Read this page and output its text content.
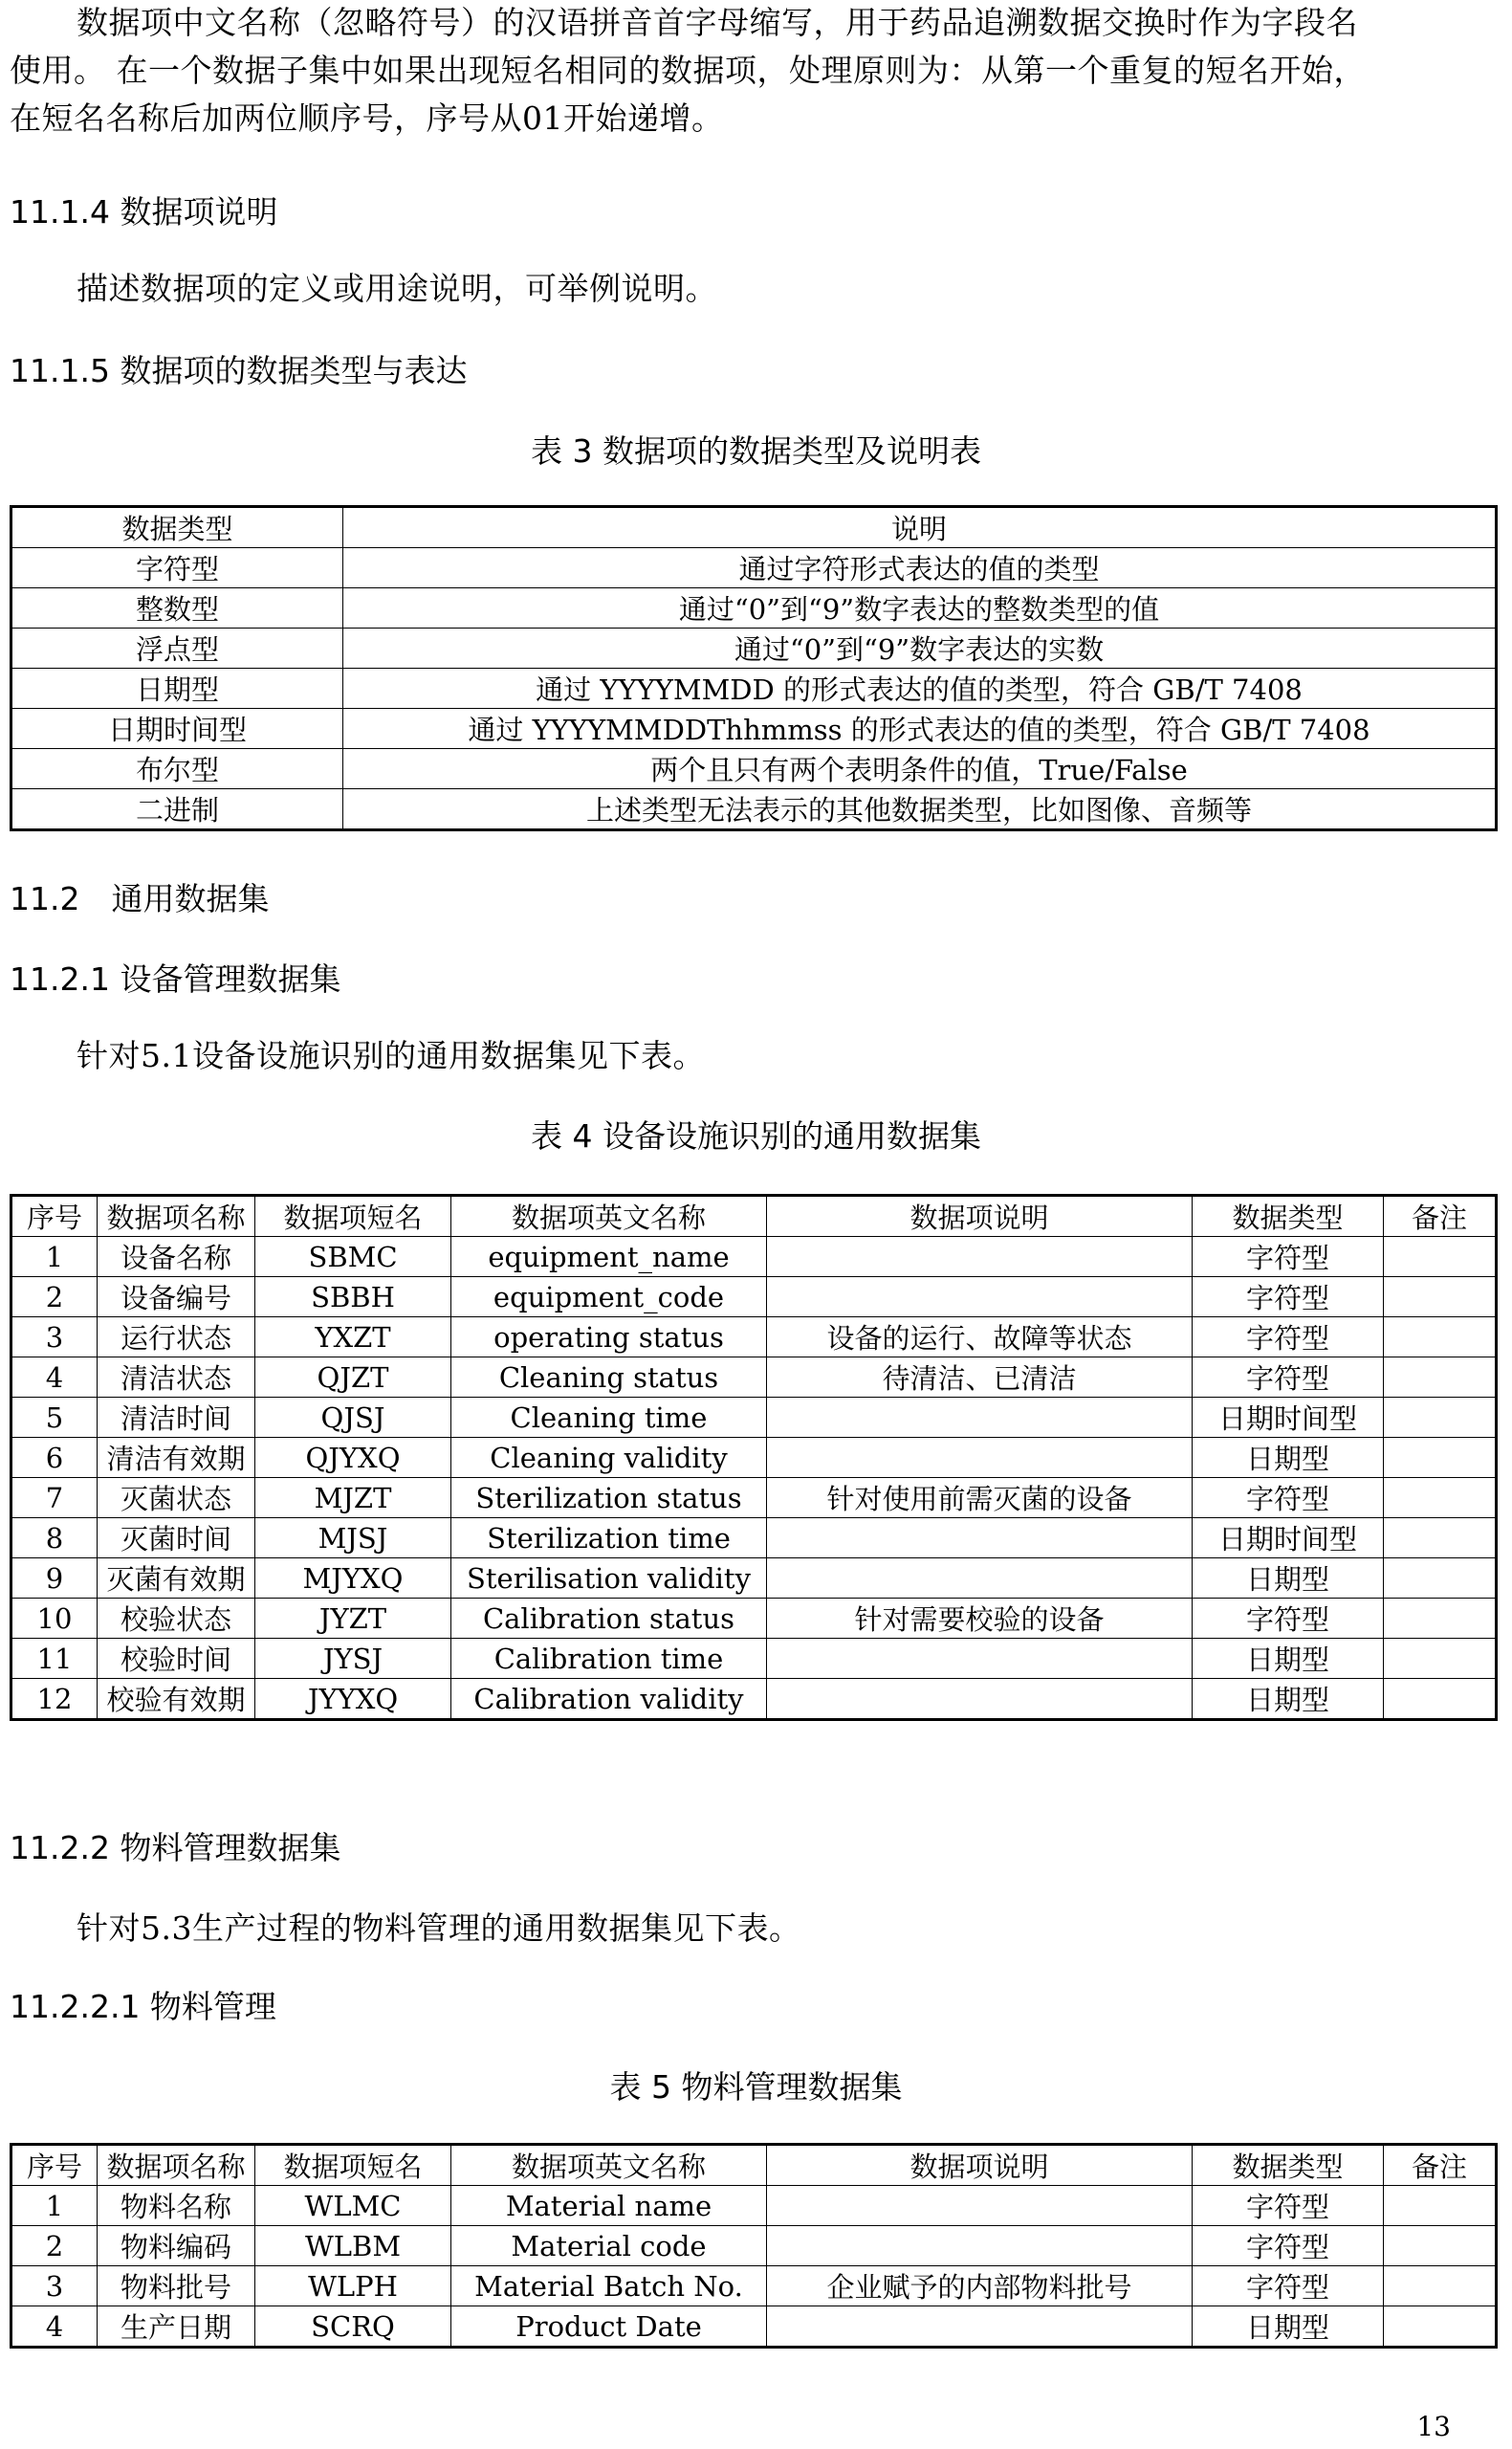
数据项中文名称（忽略符号）的汉语拼音首字母缩写，用于药品追溯数据交换时作为字段名
使用。 在一个数据子集中如果出现短名相同的数据项，处理原则为：从第一个重复的短名开始，
在短名名称后加两位顺序号，序号从01开始递增。
11.1.4 数据项说明
描述数据项的定义或用途说明，可举例说明。
11.1.5 数据项的数据类型与表达
表 3 数据项的数据类型及说明表
数据类型	说明
字符型	通过字符形式表达的值的类型
整数型	通过“0”到“9”数字表达的整数类型的值
浮点型	通过“0”到“9”数字表达的实数
日期型	通过 YYYYMMDD 的形式表达的值的类型，符合 GB/T 7408
日期时间型	通过 YYYYMMDDThhmmss 的形式表达的值的类型，符合 GB/T 7408
布尔型	两个且只有两个表明条件的值，True/False
二进制	上述类型无法表示的其他数据类型，比如图像、音频等
11.2　通用数据集
11.2.1 设备管理数据集
针对5.1设备设施识别的通用数据集见下表。
表 4 设备设施识别的通用数据集
序号	数据项名称	数据项短名	数据项英文名称	数据项说明	数据类型	备注
1	设备名称	SBMC	equipment_name		字符型	
2	设备编号	SBBH	equipment_code		字符型	
3	运行状态	YXZT	operating status	设备的运行、故障等状态	字符型	
4	清洁状态	QJZT	Cleaning status	待清洁、已清洁	字符型	
5	清洁时间	QJSJ	Cleaning time		日期时间型	
6	清洁有效期	QJYXQ	Cleaning validity		日期型	
7	灭菌状态	MJZT	Sterilization status	针对使用前需灭菌的设备	字符型	
8	灭菌时间	MJSJ	Sterilization time		日期时间型	
9	灭菌有效期	MJYXQ	Sterilisation validity		日期型	
10	校验状态	JYZT	Calibration status	针对需要校验的设备	字符型	
11	校验时间	JYSJ	Calibration time		日期型	
12	校验有效期	JYYXQ	Calibration validity		日期型	
11.2.2 物料管理数据集
针对5.3生产过程的物料管理的通用数据集见下表。
11.2.2.1 物料管理
表 5 物料管理数据集
序号	数据项名称	数据项短名	数据项英文名称	数据项说明	数据类型	备注
1	物料名称	WLMC	Material name		字符型	
2	物料编码	WLBM	Material code		字符型	
3	物料批号	WLPH	Material Batch No.	企业赋予的内部物料批号	字符型	
4	生产日期	SCRQ	Product Date		日期型	
13
